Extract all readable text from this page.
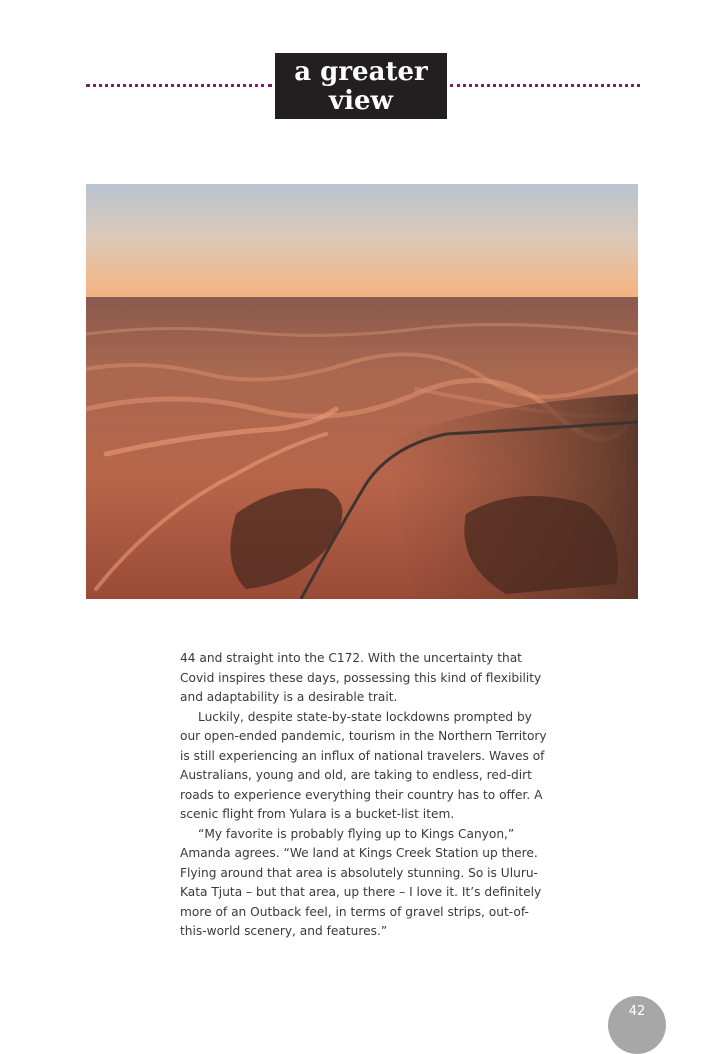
a greater
view

44 and straight into the C172. With the uncertainty that Covid inspires these days, possessing this kind of flexibility and adaptability is a desirable trait.

Luckily, despite state-by-state lockdowns prompted by our open-ended pandemic, tourism in the Northern Territory is still experiencing an influx of national travelers. Waves of Australians, young and old, are taking to endless, red-dirt roads to experience everything their country has to offer. A scenic flight from Yulara is a bucket-list item.

“My favorite is probably flying up to Kings Canyon,” Amanda agrees. “We land at Kings Creek Station up there. Flying around that area is absolutely stunning. So is Uluru-Kata Tjuta – but that area, up there – I love it. It’s definitely more of an Outback feel, in terms of gravel strips, out-of-this-world scenery, and features.”

42
